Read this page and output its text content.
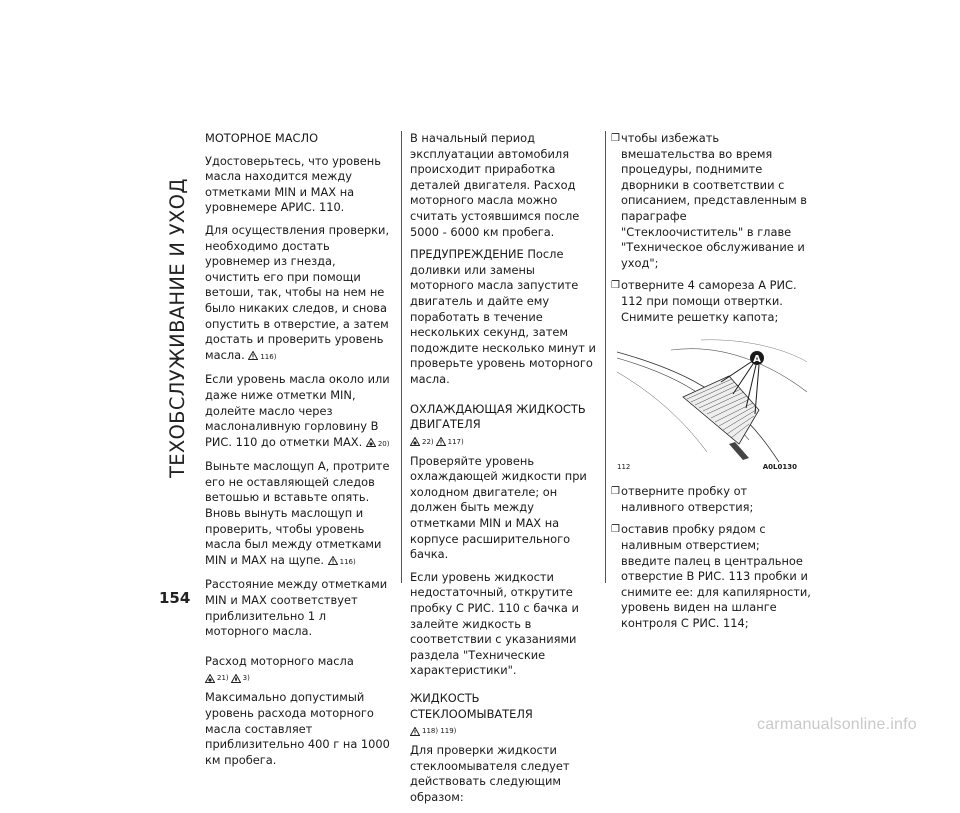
ТЕХОБСЛУЖИВАНИЕ И УХОД

МОТОРНОЕ МАСЛО

Удостоверьтесь, что уровень масла находится между отметками MIN и MAX на уровнемере АРИС. 110.

Для осуществления проверки, необходимо достать уровнемер из гнезда, очистить его при помощи ветоши, так, чтобы на нем не было никаких следов, и снова опустить в отверстие, а затем достать и проверить уровень масла. 116)

Если уровень масла около или даже ниже отметки MIN, долейте масло через маслоналивную горловину В РИС. 110 до отметки MAX. 20)

Выньте маслощуп А, протрите его не оставляющей следов ветошью и вставьте опять. Вновь вынуть маслощуп и проверить, чтобы уровень масла был между отметками MIN и MAX на щупе. 116)

Расстояние между отметками MIN и MAX соответствует приблизительно 1 л моторного масла.

Расход моторного масла

21) 3)

Максимально допустимый уровень расхода моторного масла составляет приблизительно 400 г на 1000 км пробега.

В начальный период эксплуатации автомобиля происходит приработка деталей двигателя. Расход моторного масла можно считать устоявшимся после 5000 - 6000 км пробега.

ПРЕДУПРЕЖДЕНИЕ После доливки или замены моторного масла запустите двигатель и дайте ему поработать в течение нескольких секунд, затем подождите несколько минут и проверьте уровень моторного масла.

ОХЛАЖДАЮЩАЯ ЖИДКОСТЬ ДВИГАТЕЛЯ

22) 117)

Проверяйте уровень охлаждающей жидкости при холодном двигателе; он должен быть между отметками MIN и MAX на корпусе расширительного бачка.

Если уровень жидкости недостаточный, открутите пробку С РИС. 110 с бачка и залейте жидкость в соответствии с указаниями раздела "Технические характеристики".

ЖИДКОСТЬ СТЕКЛООМЫВАТЕЛЯ

118) 119)

Для проверки жидкости стеклоомывателя следует действовать следующим образом:

❒ чтобы избежать вмешательства во время процедуры, поднимите дворники в соответствии с описанием, представленным в параграфе "Стеклоочиститель" в главе "Техническое обслуживание и уход";
❒ отверните 4 самореза А РИС. 112 при помощи отвертки. Снимите решетку капота;
A
112	A0L0130
❒ отверните пробку от наливного отверстия;
❒ оставив пробку рядом с наливным отверстием; введите палец в центральное отверстие В РИС. 113 пробки и снимите ее: для капилярности, уровень виден на шланге контроля С РИС. 114;
154
carmanualsonline.info
